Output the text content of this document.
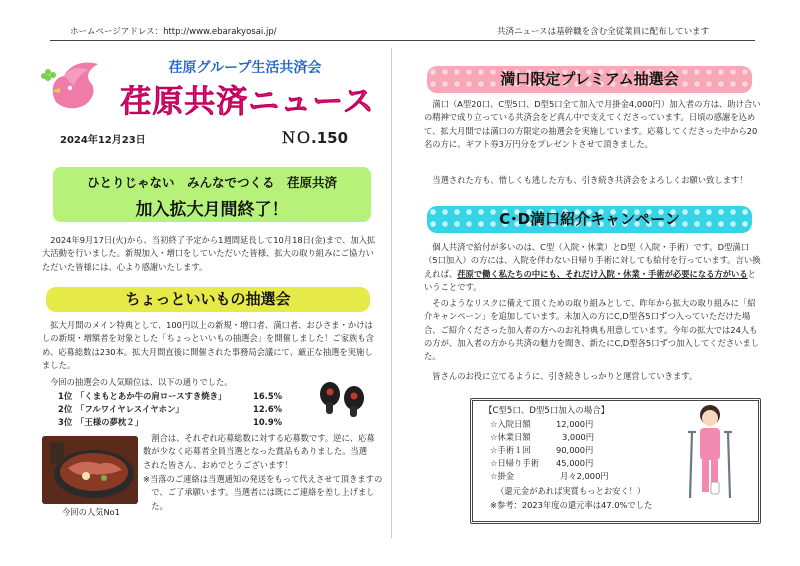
ホームページアドレス：http://www.ebarakyosai.jp/	共済ニュースは基幹職を含む全従業員に配布しています
荏原グループ生活共済会
荏原共済ニュース
2024年12月23日	ＮＯ.150
ひとりじゃない　みんなでつくる　荏原共済
加入拡大月間終了！

2024年9月17日(火)から、当初終了予定から1週間延長して10月18日(金)まで、加入拡大活動を行いました。新規加入・増口をしていただいた皆様、拡大の取り組みにご協力いただいた皆様には、心より感謝いたします。

ちょっといいもの抽選会

拡大月間のメイン特典として、100円以上の新規・増口者、満口者、おひさま・かけはしの新規・増額者を対象とした「ちょっといいもの抽選会」を開催しました！ご家族も含め、応募総数は230本。拡大月間直後に開催された事務局会議にて、厳正な抽選を実施しました。

今回の抽選会の人気順位は、以下の通りでした。
1位 「くまもとあか牛の肩ロースすき焼き」	16.5%
2位 「フルワイヤレスイヤホン」	12.6%
3位 「王様の夢枕２」	10.9%
今回の人気No1

割合は、それぞれ応募総数に対する応募数です。逆に、応募数が少なく応募者全員当選となった賞品もありました。当選された皆さん、おめでとうございます！

※当落のご連絡は当選通知の発送をもって代えさせて頂きますので、ご了承願います。当選者には既にご連絡を差し上げました。

満口限定プレミアム抽選会

満口（A型20口、C型5口、D型5口全て加入で月掛金4,000円）加入者の方は、助け合いの精神で成り立っている共済会をど真ん中で支えてくださっています。日頃の感謝を込めて、拡大月間では満口の方限定の抽選会を実施しています。応募してくださった中から20名の方に、ギフト券3万円分をプレゼントさせて頂きました。

当選された方も、惜しくも逃した方も、引き続き共済会をよろしくお願い致します！

C･D満口紹介キャンペーン

個人共済で給付が多いのは、C型（入院・休業）とD型（入院・手術）です。D型満口（5口加入）の方には、入院を伴わない日帰り手術に対しても給付を行っています。言い換えれば、荏原で働く私たちの中にも、それだけ入院・休業・手術が必要になる方がいるということです。

そのようなリスクに備えて頂くための取り組みとして、昨年から拡大の取り組みに「紹介キャンペーン」を追加しています。未加入の方にC,D型各5口ずつ入っていただけた場合、ご紹介くださった加入者の方へのお礼特典も用意しています。今年の拡大では24人もの方が、加入者の方から共済の魅力を聞き、新たにC,D型各5口ずつ加入してくださいました。

皆さんのお役に立てるように、引き続きしっかりと運営していきます。

【C型5口、D型5口加入の場合】
☆入院日額	12,000円
☆休業日額	3,000円
☆手術１回	90,000円
☆日帰り手術	45,000円
☆掛金	月々2,000円
（還元金があれば実質もっとお安く！）
※参考：2023年度の還元率は47.0%でした
